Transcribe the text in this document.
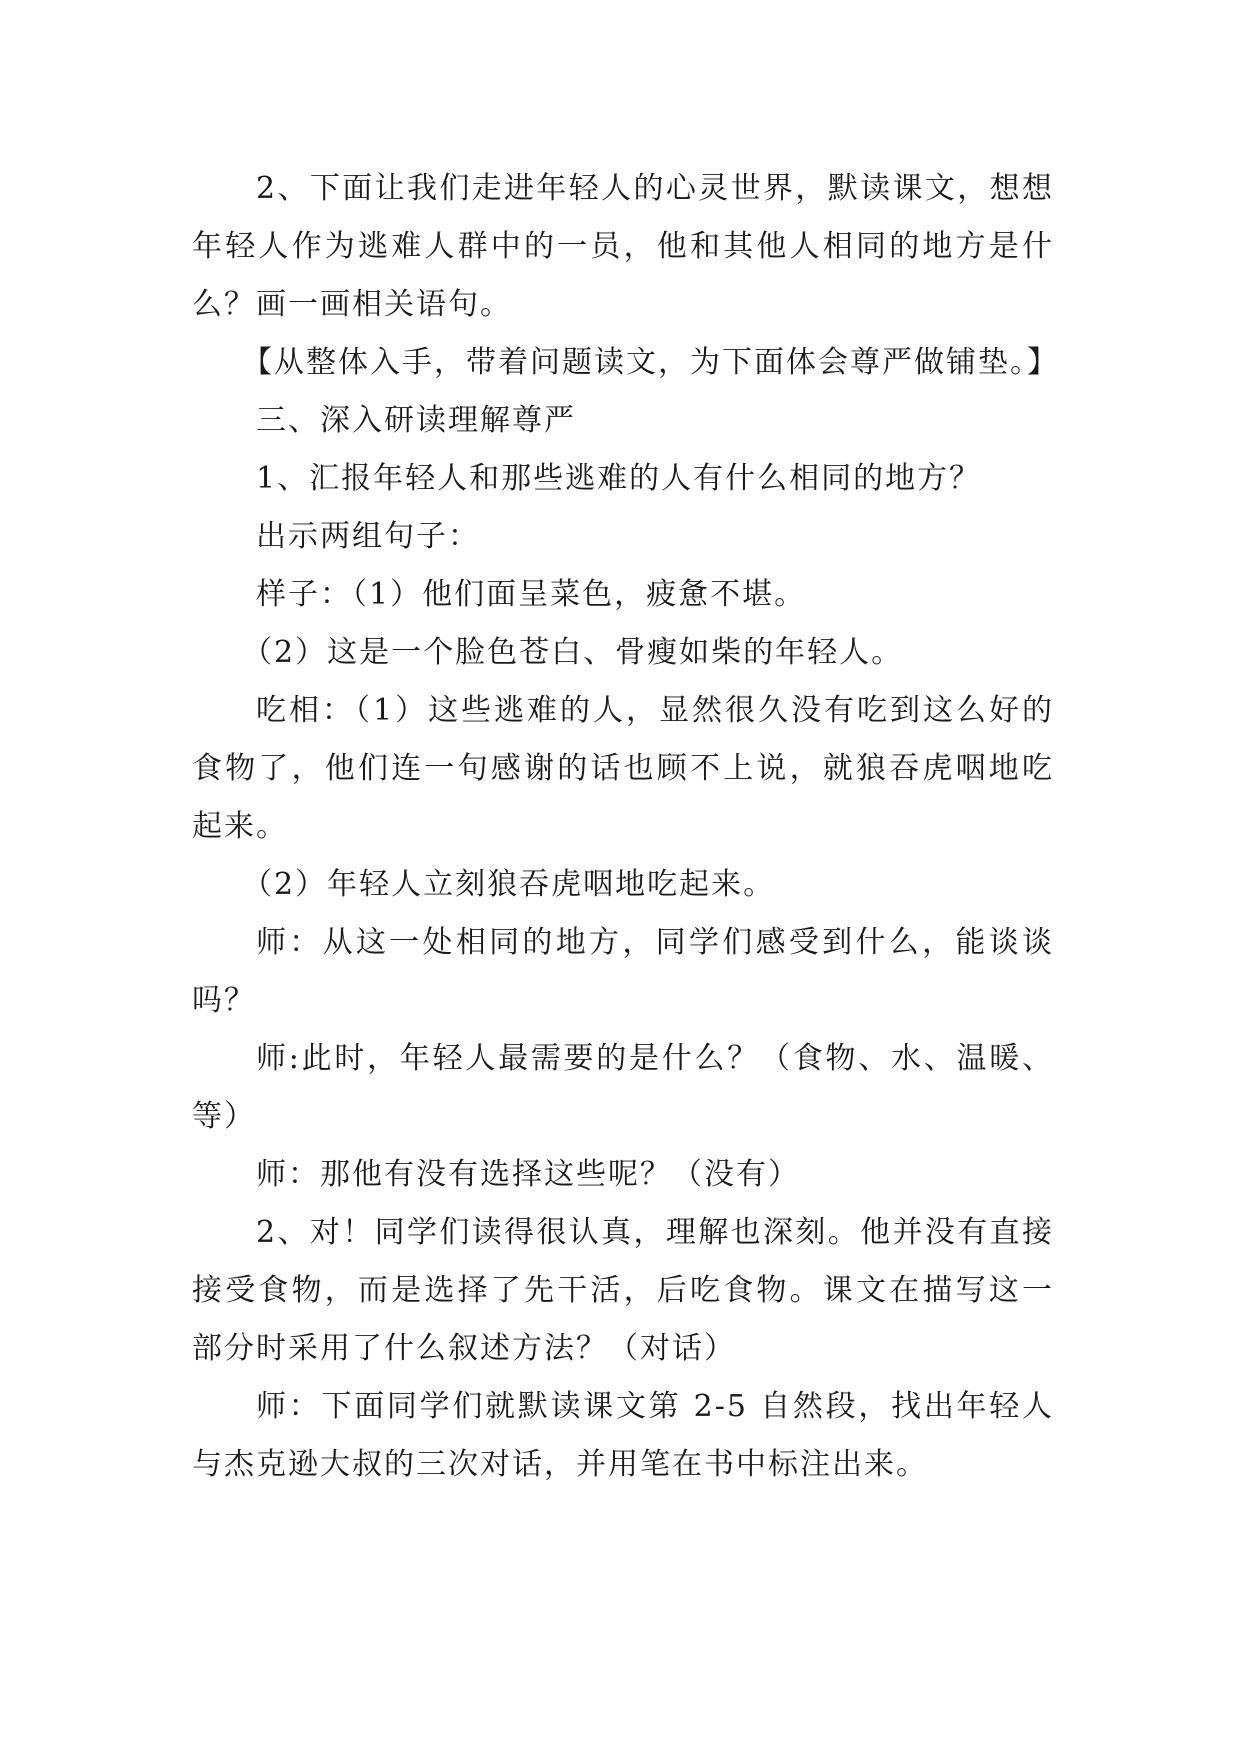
2、下面让我们走进年轻人的心灵世界，默读课文，想想年轻人作为逃难人群中的一员，他和其他人相同的地方是什么？画一画相关语句。

【从整体入手，带着问题读文，为下面体会尊严做铺垫。】

三、深入研读理解尊严

1、汇报年轻人和那些逃难的人有什么相同的地方？

出示两组句子：

样子：（1）他们面呈菜色，疲惫不堪。

（2）这是一个脸色苍白、骨瘦如柴的年轻人。

吃相：（1）这些逃难的人，显然很久没有吃到这么好的食物了，他们连一句感谢的话也顾不上说，就狼吞虎咽地吃起来。

（2）年轻人立刻狼吞虎咽地吃起来。

师：从这一处相同的地方，同学们感受到什么，能谈谈吗？

师:此时，年轻人最需要的是什么？（食物、水、温暖、等）

师：那他有没有选择这些呢？（没有）

2、对！同学们读得很认真，理解也深刻。他并没有直接接受食物，而是选择了先干活，后吃食物。课文在描写这一部分时采用了什么叙述方法？（对话）

师：下面同学们就默读课文第 2-5 自然段，找出年轻人与杰克逊大叔的三次对话，并用笔在书中标注出来。
